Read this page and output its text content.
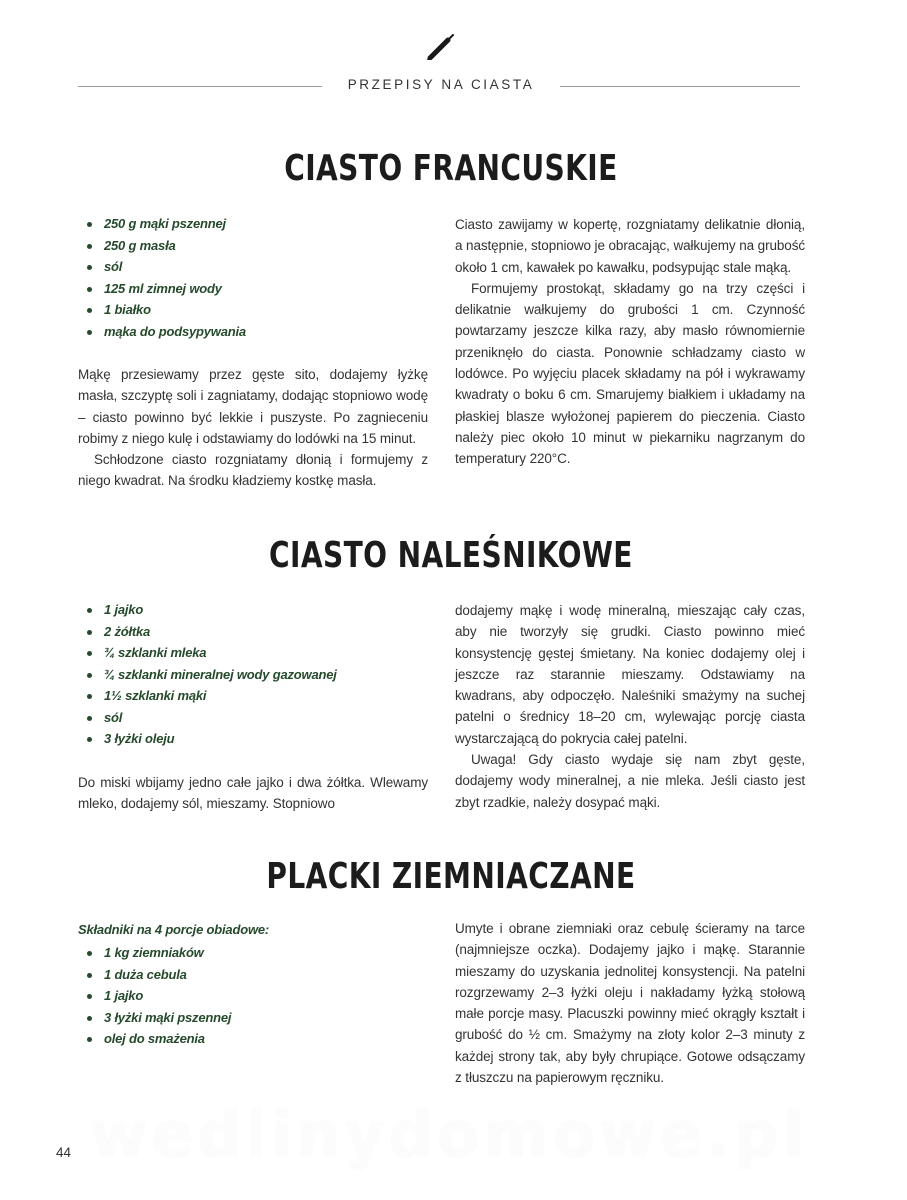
PRZEPISY NA CIASTA
CIASTO FRANCUSKIE
250 g mąki pszennej
250 g masła
sól
125 ml zimnej wody
1 białko
mąka do podsypywania

Mąkę przesiewamy przez gęste sito, dodajemy łyżkę masła, szczyptę soli i zagniatamy, dodając stopniowo wodę – ciasto powinno być lekkie i puszyste. Po zagnieceniu robimy z niego kulę i odstawiamy do lodówki na 15 minut.

Schłodzone ciasto rozgniatamy dłonią i formujemy z niego kwadrat. Na środku kładziemy kostkę masła.

Ciasto zawijamy w kopertę, rozgniatamy delikatnie dłonią, a następnie, stopniowo je obracając, wałkujemy na grubość około 1 cm, kawałek po kawałku, podsypując stale mąką.

Formujemy prostokąt, składamy go na trzy części i delikatnie wałkujemy do grubości 1 cm. Czynność powtarzamy jeszcze kilka razy, aby masło równomiernie przeniknęło do ciasta. Ponownie schładzamy ciasto w lodówce. Po wyjęciu placek składamy na pół i wykrawamy kwadraty o boku 6 cm. Smarujemy białkiem i układamy na płaskiej blasze wyłożonej papierem do pieczenia. Ciasto należy piec około 10 minut w piekarniku nagrzanym do temperatury 220°C.

CIASTO NALEŚNIKOWE
1 jajko
2 żółtka
¾ szklanki mleka
¾ szklanki mineralnej wody gazowanej
1½ szklanki mąki
sól
3 łyżki oleju

Do miski wbijamy jedno całe jajko i dwa żółtka. Wlewamy mleko, dodajemy sól, mieszamy. Stopniowo

dodajemy mąkę i wodę mineralną, mieszając cały czas, aby nie tworzyły się grudki. Ciasto powinno mieć konsystencję gęstej śmietany. Na koniec dodajemy olej i jeszcze raz starannie mieszamy. Odstawiamy na kwadrans, aby odpoczęło. Naleśniki smażymy na suchej patelni o średnicy 18–20 cm, wylewając porcję ciasta wystarczającą do pokrycia całej patelni.

Uwaga! Gdy ciasto wydaje się nam zbyt gęste, dodajemy wody mineralnej, a nie mleka. Jeśli ciasto jest zbyt rzadkie, należy dosypać mąki.

PLACKI ZIEMNIACZANE
Składniki na 4 porcje obiadowe:
1 kg ziemniaków
1 duża cebula
1 jajko
3 łyżki mąki pszennej
olej do smażenia

Umyte i obrane ziemniaki oraz cebulę ścieramy na tarce (najmniejsze oczka). Dodajemy jajko i mąkę. Starannie mieszamy do uzyskania jednolitej konsystencji. Na patelni rozgrzewamy 2–3 łyżki oleju i nakładamy łyżką stołową małe porcje masy. Placuszki powinny mieć okrągły kształt i grubość do ½ cm. Smażymy na złoty kolor 2–3 minuty z każdej strony tak, aby były chrupiące. Gotowe odsączamy z tłuszczu na papierowym ręczniku.

wedlinydomowe.pl
44
